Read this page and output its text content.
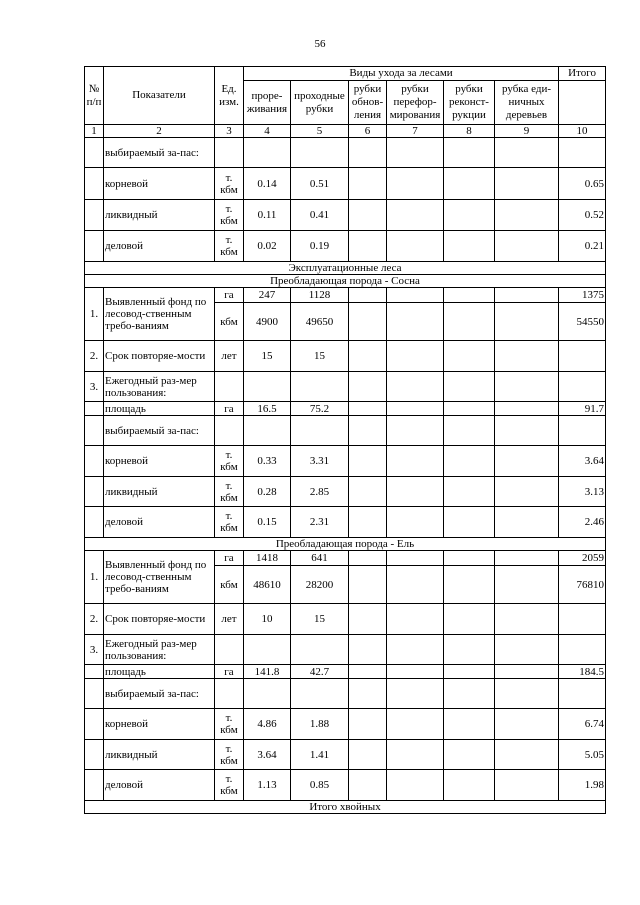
56
№ п/п	Показатели	Ед. изм.	Виды ухода за лесами						Итого
			проре-живания	проходные рубки	рубки обнов-ления	рубки перефор-мирования	рубки реконст-рукции	рубка еди-ничных деревьев	
1	2	3	4	5	6	7	8	9	10
	выбираемый за-пас:								
	корневой	т. кбм	0.14	0.51					0.65
	ликвидный	т. кбм	0.11	0.41					0.52
	деловой	т. кбм	0.02	0.19					0.21
Эксплуатационные леса									
Преобладающая порода - Сосна									
1.	Выявленный фонд по лесовод-ственным требо-ваниям	га	247	1128					1375
		кбм	4900	49650					54550
2.	Срок повторяе-мости	лет	15	15					
3.	Ежегодный раз-мер пользования:								
	площадь	га	16.5	75.2					91.7
	выбираемый за-пас:								
	корневой	т. кбм	0.33	3.31					3.64
	ликвидный	т. кбм	0.28	2.85					3.13
	деловой	т. кбм	0.15	2.31					2.46
Преобладающая порода - Ель									
1.	Выявленный фонд по лесовод-ственным требо-ваниям	га	1418	641					2059
		кбм	48610	28200					76810
2.	Срок повторяе-мости	лет	10	15					
3.	Ежегодный раз-мер пользования:								
	площадь	га	141.8	42.7					184.5
	выбираемый за-пас:								
	корневой	т. кбм	4.86	1.88					6.74
	ликвидный	т. кбм	3.64	1.41					5.05
	деловой	т. кбм	1.13	0.85					1.98
Итого хвойных									
